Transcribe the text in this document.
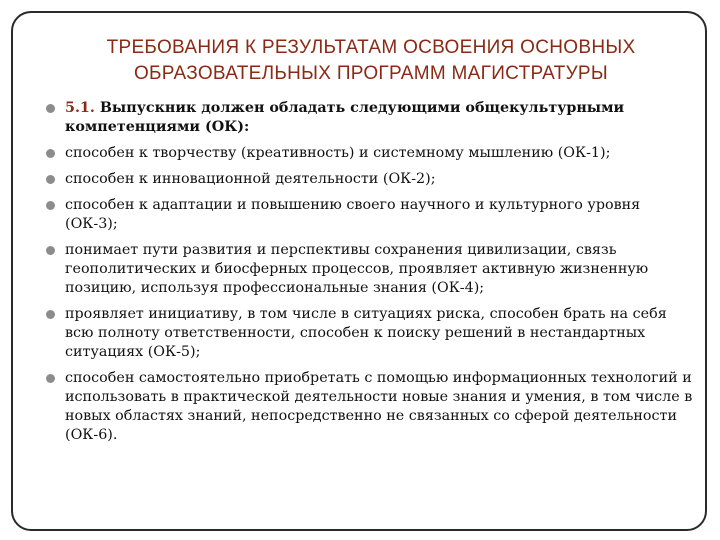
ТРЕБОВАНИЯ К РЕЗУЛЬТАТАМ ОСВОЕНИЯ ОСНОВНЫХ
ОБРАЗОВАТЕЛЬНЫХ ПРОГРАММ МАГИСТРАТУРЫ
5.1. Выпускник должен обладать следующими общекультурными компетенциями (ОК):
способен к творчеству (креативность) и системному мышлению (ОК-1);
способен к инновационной деятельности (ОК-2);
способен к адаптации и повышению своего научного и культурного уровня (ОК-3);
понимает пути развития и перспективы сохранения цивилизации, связь геополитических и биосферных процессов, проявляет активную жизненную позицию, используя профессиональные знания (ОК-4);
проявляет инициативу, в том числе в ситуациях риска, способен брать на себя всю полноту ответственности, способен к поиску решений в нестандартных ситуациях (ОК-5);
способен самостоятельно приобретать с помощью информационных технологий и использовать в практической деятельности новые знания и умения, в том числе в новых областях знаний, непосредственно не связанных со сферой деятельности (ОК-6).
